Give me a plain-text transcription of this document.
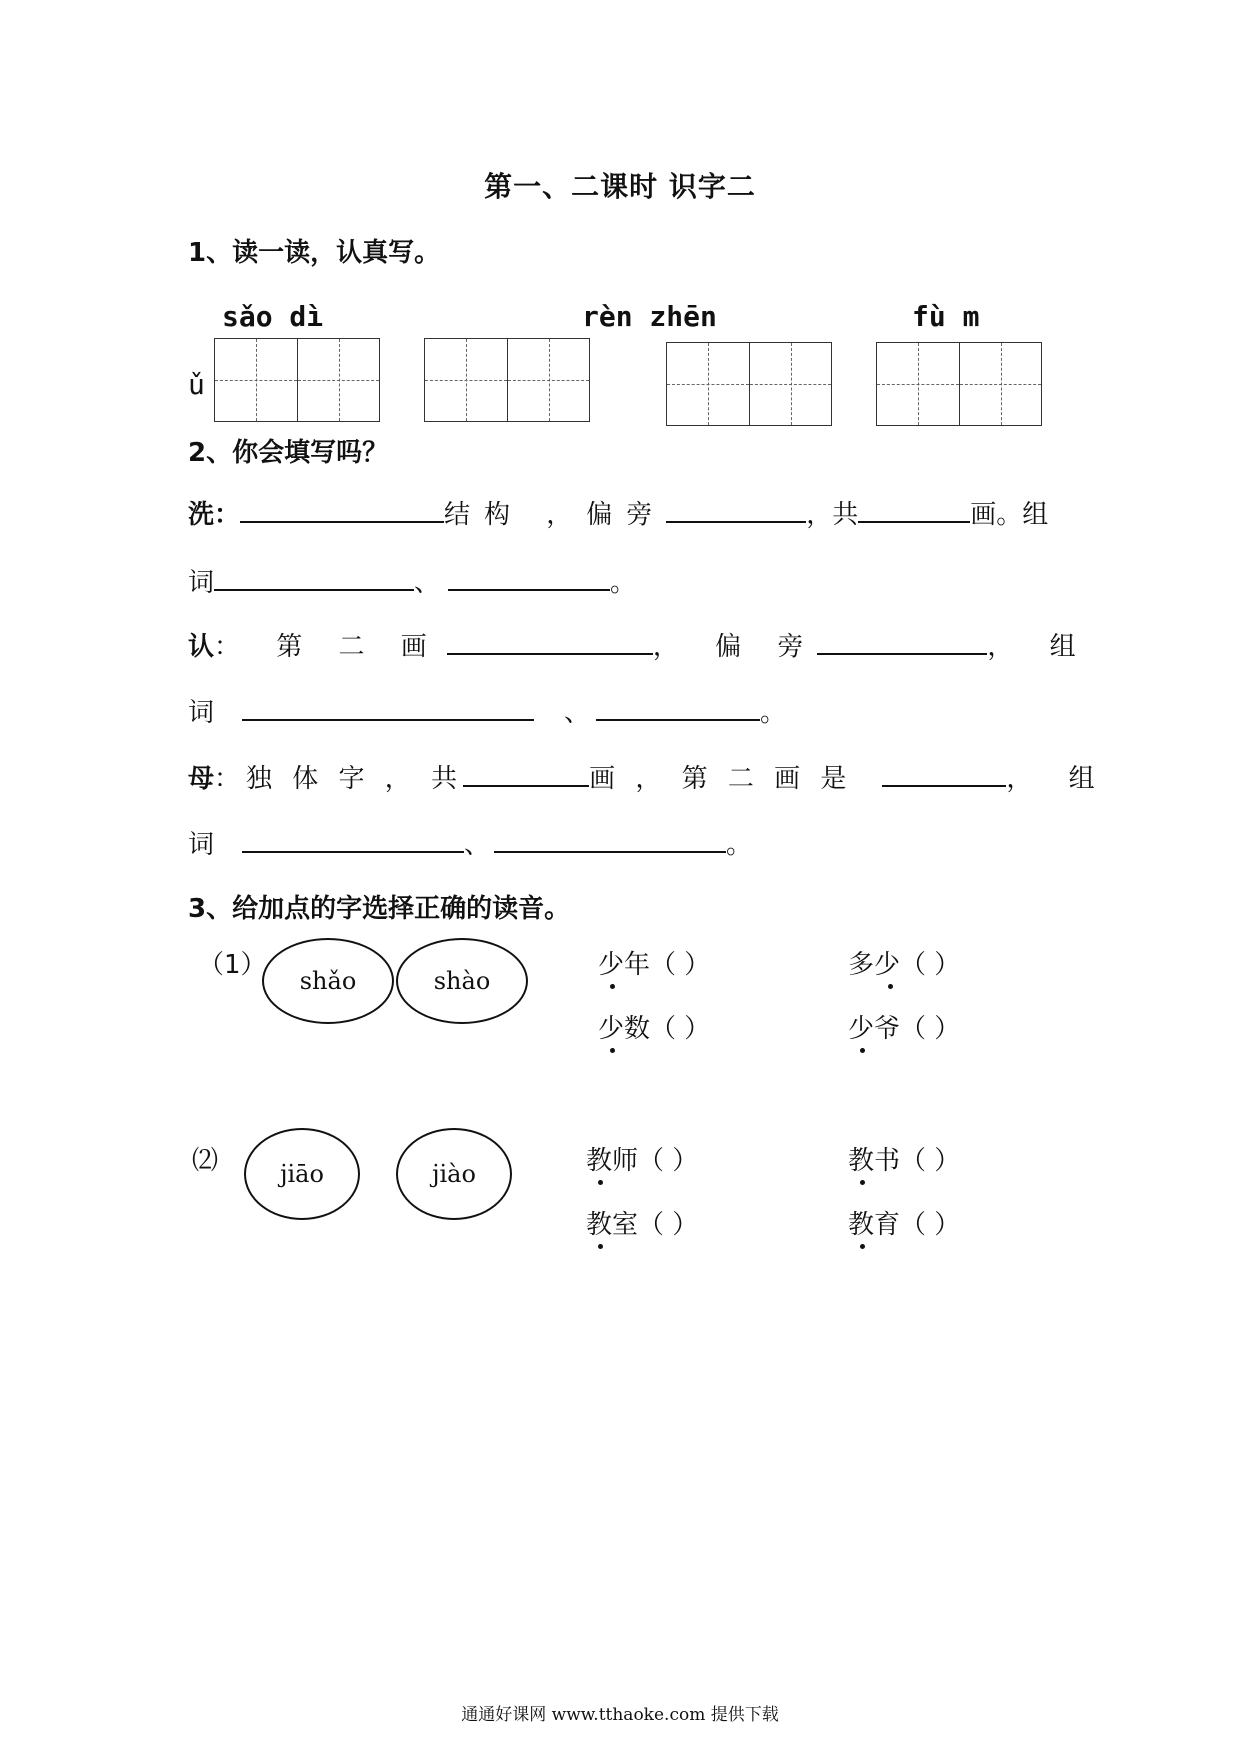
第一、二课时 识字二
1、读一读，认真写。
sǎo dì	rèn zhēn	fù m
ǔ
2、你会填写吗？
洗：	结构 ，偏旁	，共	画。组
词	、	。
认： 第 二 画	， 偏 旁	， 组
词	、	。
母：独 体 字 ， 共	画 ， 第 二 画 是	， 组
词	、	。
3、给加点的字选择正确的读音。
（1）
shǎo	shào
少年（ ）	多少（ ）
少数（ ）	少爷（ ）
⑵	jiāo	jiào	教师（ ）	教书（ ）
教室（ ）	教育（ ）
通通好课网 www.tthaoke.com 提供下载
